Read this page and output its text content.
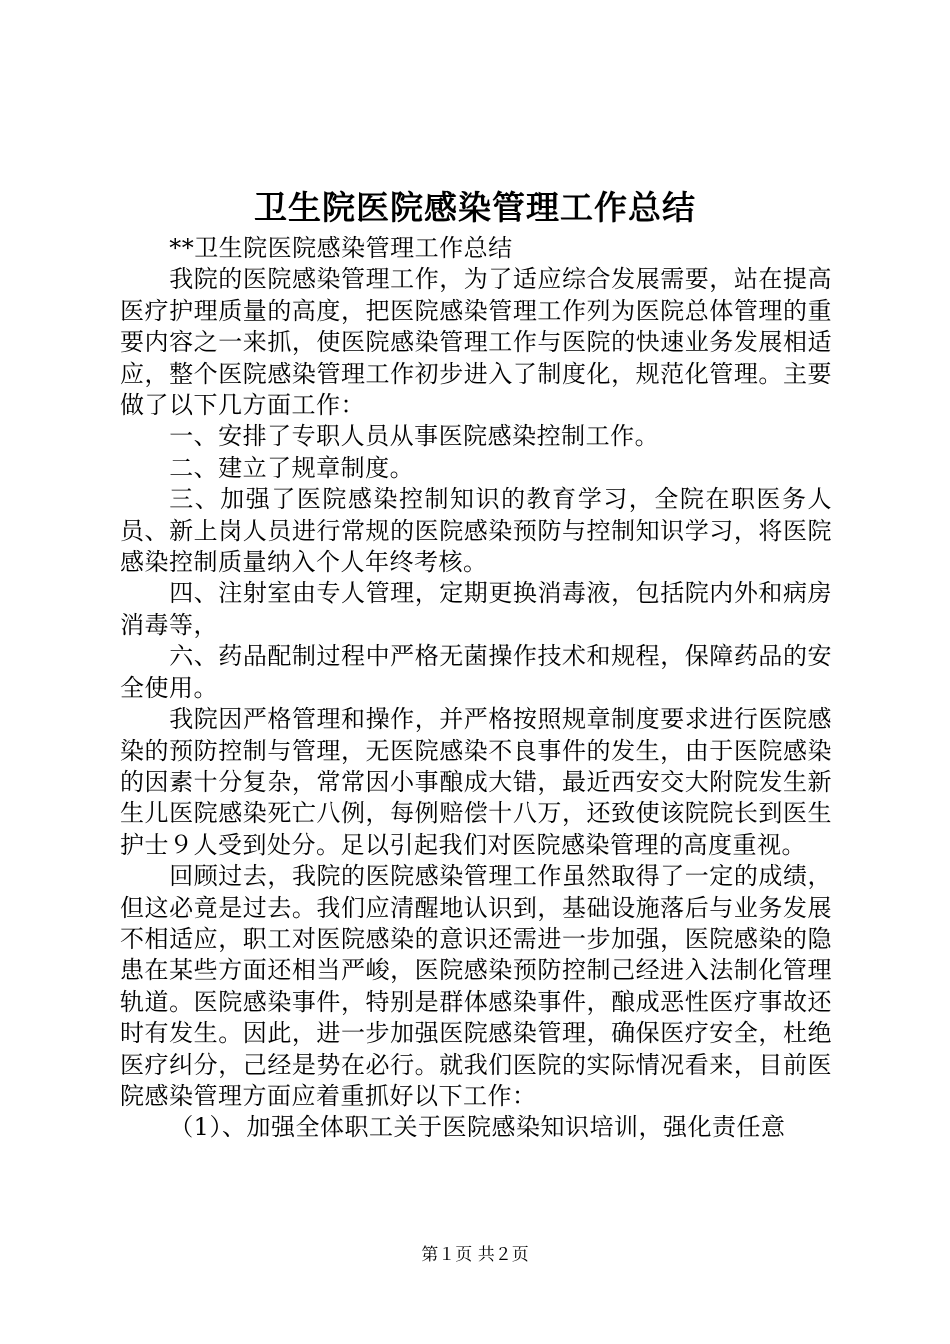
卫生院医院感染管理工作总结

**卫生院医院感染管理工作总结

我院的医院感染管理工作，为了适应综合发展需要，站在提高医疗护理质量的高度，把医院感染管理工作列为医院总体管理的重要内容之一来抓，使医院感染管理工作与医院的快速业务发展相适应，整个医院感染管理工作初步进入了制度化，规范化管理。主要做了以下几方面工作：

一、安排了专职人员从事医院感染控制工作。

二、建立了规章制度。

三、加强了医院感染控制知识的教育学习，全院在职医务人员、新上岗人员进行常规的医院感染预防与控制知识学习，将医院感染控制质量纳入个人年终考核。

四、注射室由专人管理，定期更换消毒液，包括院内外和病房消毒等，

六、药品配制过程中严格无菌操作技术和规程，保障药品的安全使用。

我院因严格管理和操作，并严格按照规章制度要求进行医院感染的预防控制与管理，无医院感染不良事件的发生，由于医院感染的因素十分复杂，常常因小事酿成大错，最近西安交大附院发生新生儿医院感染死亡八例，每例赔偿十八万，还致使该院院长到医生护士９人受到处分。足以引起我们对医院感染管理的高度重视。

回顾过去，我院的医院感染管理工作虽然取得了一定的成绩，但这必竟是过去。我们应清醒地认识到，基础设施落后与业务发展不相适应，职工对医院感染的意识还需进一步加强，医院感染的隐患在某些方面还相当严峻，医院感染预防控制己经进入法制化管理轨道。医院感染事件，特别是群体感染事件，酿成恶性医疗事故还时有发生。因此，进一步加强医院感染管理，确保医疗安全，杜绝医疗纠分，己经是势在必行。就我们医院的实际情况看来，目前医院感染管理方面应着重抓好以下工作：

（1）、加强全体职工关于医院感染知识培训，强化责任意

第１页 共２页
